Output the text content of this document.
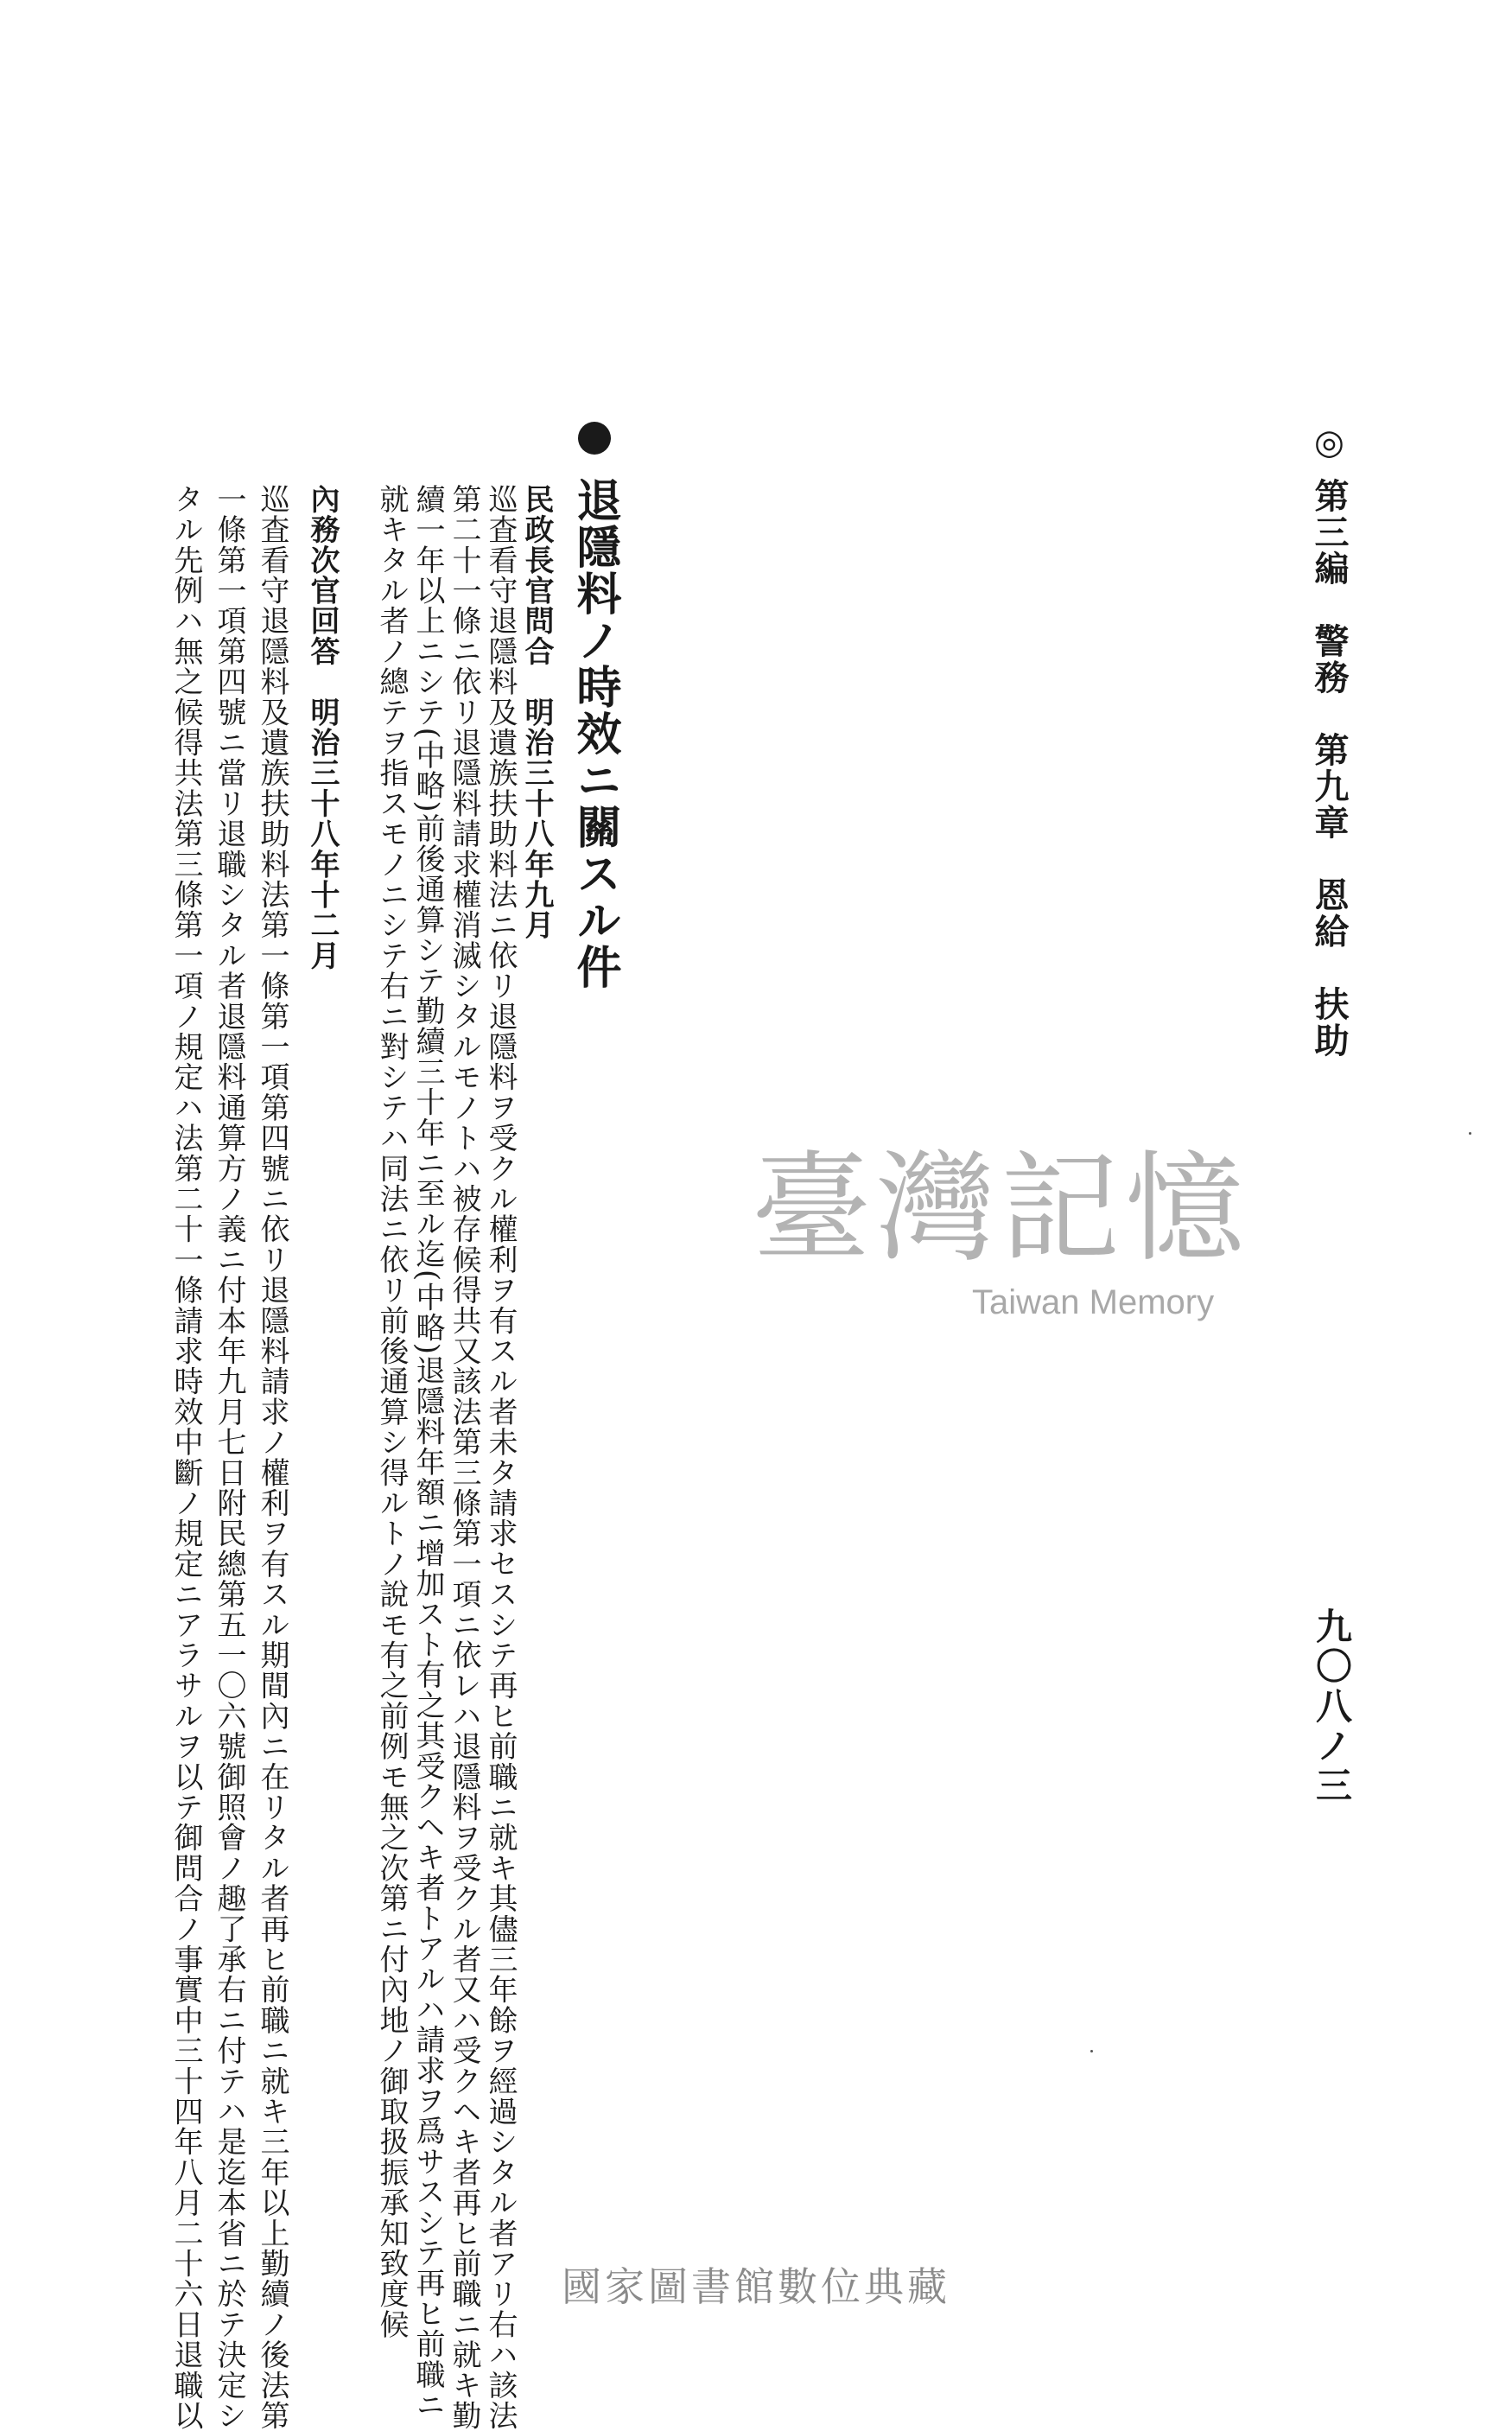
◎ 第三編　警務　第九章　恩給　扶助
九〇八ノ三
退隱料ノ時效ニ關スル件
民政長官問合　明治三十八年九月
巡査看守退隱料及遺族扶助料法ニ依リ退隱料ヲ受クル權利ヲ有スル者未タ請求セスシテ再ヒ前職ニ就キ其儘三年餘ヲ經過シタル者アリ右ハ該法
第二十一條ニ依リ退隱料請求權消滅シタルモノトハ被存候得共又該法第三條第一項ニ依レハ退隱料ヲ受クル者又ハ受クヘキ者再ヒ前職ニ就キ勤
續一年以上ニシテ(中略)前後通算シテ勤續三十年ニ至ル迄(中略)退隱料年額ニ增加スト有之其受クヘキ者トアルハ請求ヲ爲サスシテ再ヒ前職ニ
就キタル者ノ總テヲ指スモノニシテ右ニ對シテハ同法ニ依リ前後通算シ得ルトノ說モ有之前例モ無之次第ニ付內地ノ御取扱振承知致度候
內務次官回答　明治三十八年十二月
巡査看守退隱料及遺族扶助料法第一條第一項第四號ニ依リ退隱料請求ノ權利ヲ有スル期間內ニ在リタル者再ヒ前職ニ就キ三年以上勤續ノ後法第
一條第一項第四號ニ當リ退職シタル者退隱料通算方ノ義ニ付本年九月七日附民總第五一〇六號御照會ノ趣了承右ニ付テハ是迄本省ニ於テ決定シ
タル先例ハ無之候得共法第三條第一項ノ規定ハ法第二十一條請求時效中斷ノ規定ニアラサルヲ以テ御問合ノ事實中三十四年八月二十六日退職以	臺灣記憶
Taiwan Memory
國家圖書館數位典藏
